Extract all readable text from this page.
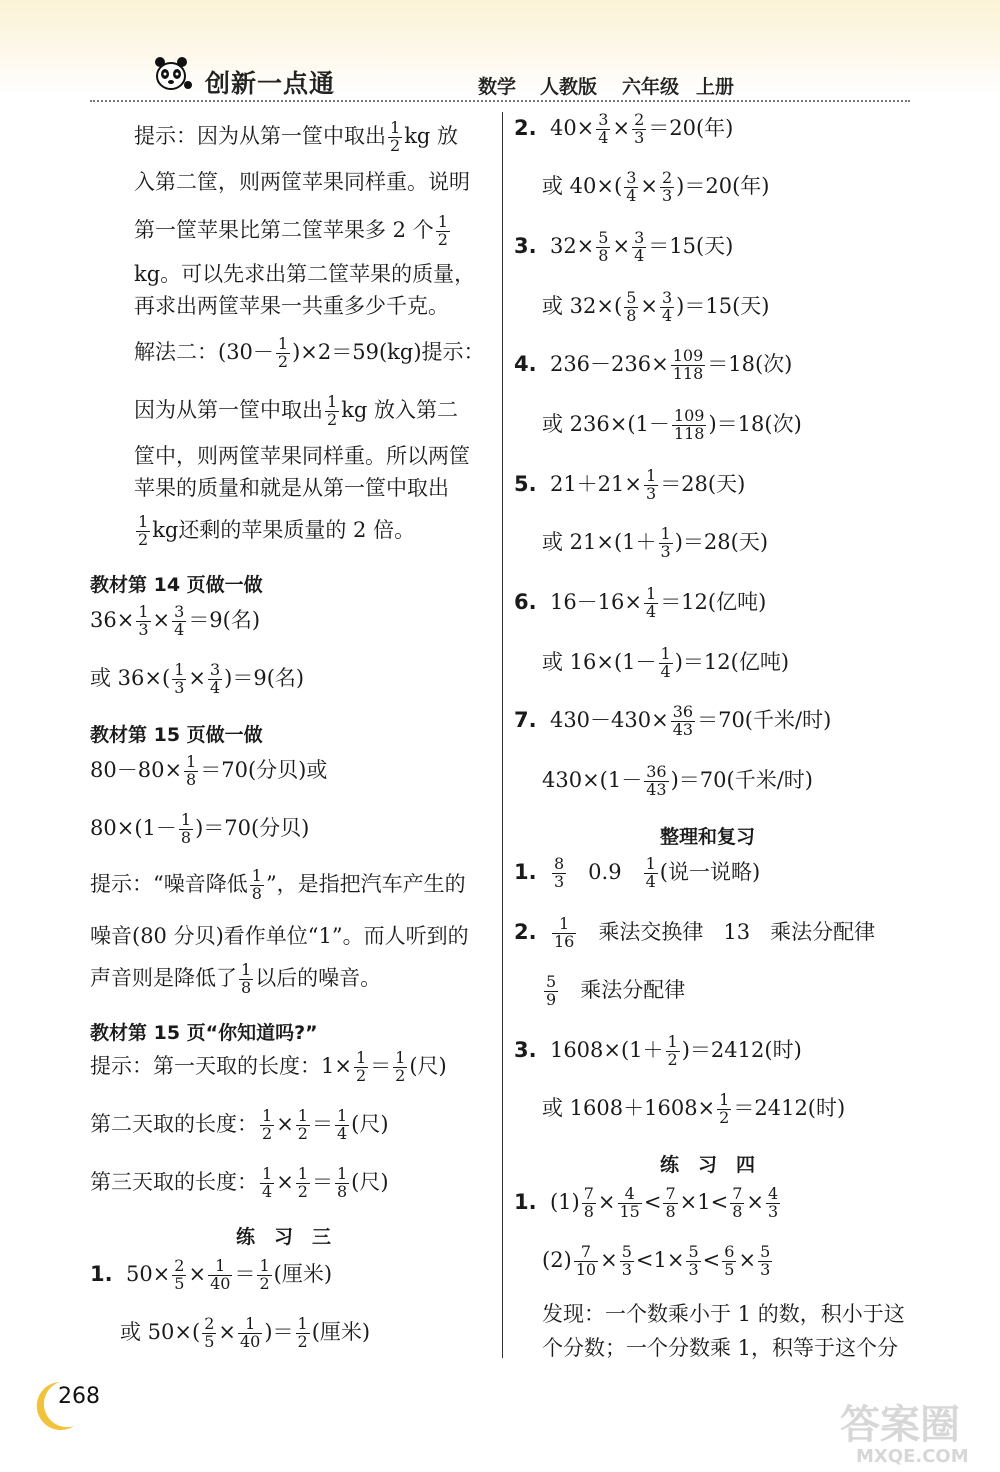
创新一点通	数学 人教版 六年级 上册
提示：因为从第一筐中取出 $\frac{1}{2}$ kg 放
入第二筐，则两筐苹果同样重。说明
第一筐苹果比第二筐苹果多 2 个 $\frac{1}{2}$
kg。可以先求出第二筐苹果的质量，
再求出两筐苹果一共重多少千克。
解法二：$(30- \frac{1}{2} )\times 2=59(kg)$提示：
因为从第一筐中取出 $\frac{1}{2}$ kg 放入第二
筐中，则两筐苹果同样重。所以两筐
苹果的质量和就是从第一筐中取出
$\frac{1}{2}$ kg还剩的苹果质量的 2 倍。
教材第 14 页做一做
$36\times \frac{1}{3} \times \frac{3}{4} =9$(名)
或 $36\times( \frac{1}{3} \times \frac{3}{4} )=9$(名)
教材第 15 页做一做
$80-80\times \frac{1}{8} =70$(分贝)或
$80\times(1- \frac{1}{8} )=70$(分贝)
提示：“噪音降低 $\frac{1}{8}$ ”，是指把汽车产生的
噪音(80 分贝)看作单位“1”。而人听到的
声音则是降低了 $\frac{1}{8}$ 以后的噪音。
教材第 15 页“你知道吗?”
提示：第一天取的长度：$1\times \frac{1}{2} = \frac{1}{2}$ (尺)
第二天取的长度： $\frac{1}{2} \times \frac{1}{2} = \frac{1}{4}$ (尺)
第三天取的长度： $\frac{1}{4} \times \frac{1}{2} = \frac{1}{8}$ (尺)
练　习　三
1. $50\times \frac{2}{5} \times \frac{1}{40} = \frac{1}{2}$ (厘米)
或 $50\times( \frac{2}{5} \times \frac{1}{40}$ )＝ $\frac{1}{2}$ (厘米)
2. $40\times \frac{3}{4} \times \frac{2}{3} =20$(年)
或 $40\times( \frac{3}{4} \times \frac{2}{3} )=20$(年)
3. $32\times \frac{5}{8} \times \frac{3}{4} =15$(天)
或 $32\times( \frac{5}{8} \times \frac{3}{4} )=15$(天)
4. $236-236\times \frac{109}{118} =18$(次)
或 $236\times(1- \frac{109}{118} )=18$(次)
5. $21+21\times \frac{1}{3} =28$(天)
或 $21\times(1+ \frac{1}{3} )=28$(天)
6. $16-16\times \frac{1}{4} =12$(亿吨)
或 $16\times(1- \frac{1}{4} )=12$(亿吨)
7. $430-430\times \frac{36}{43} =70$(千米/时)
$430\times(1- \frac{36}{43} )=70$(千米/时)
整理和复习
1. $\frac{8}{3} 0.9 \frac{1}{4}$ (说一说略)
2. $\frac{1}{16}$ 乘法交换律 13 乘法分配律
$\frac{5}{9}$ 乘法分配律
3. $1608\times(1+ \frac{1}{2} )=2412$(时)
或 $1608+1608\times \frac{1}{2} =2412$(时)
练　习　四
1. $(1) \frac{7}{8} \times \frac{4}{15} < \frac{7}{8} \times 1< \frac{7}{8} \times \frac{4}{3}$
$(2) \frac{7}{10} \times \frac{5}{3} <1\times \frac{5}{3} < \frac{6}{5} \times \frac{5}{3}$
发现：一个数乘小于 1 的数，积小于这
个分数；一个分数乘 1，积等于这个分
268
答案圈
MXQE.COM
